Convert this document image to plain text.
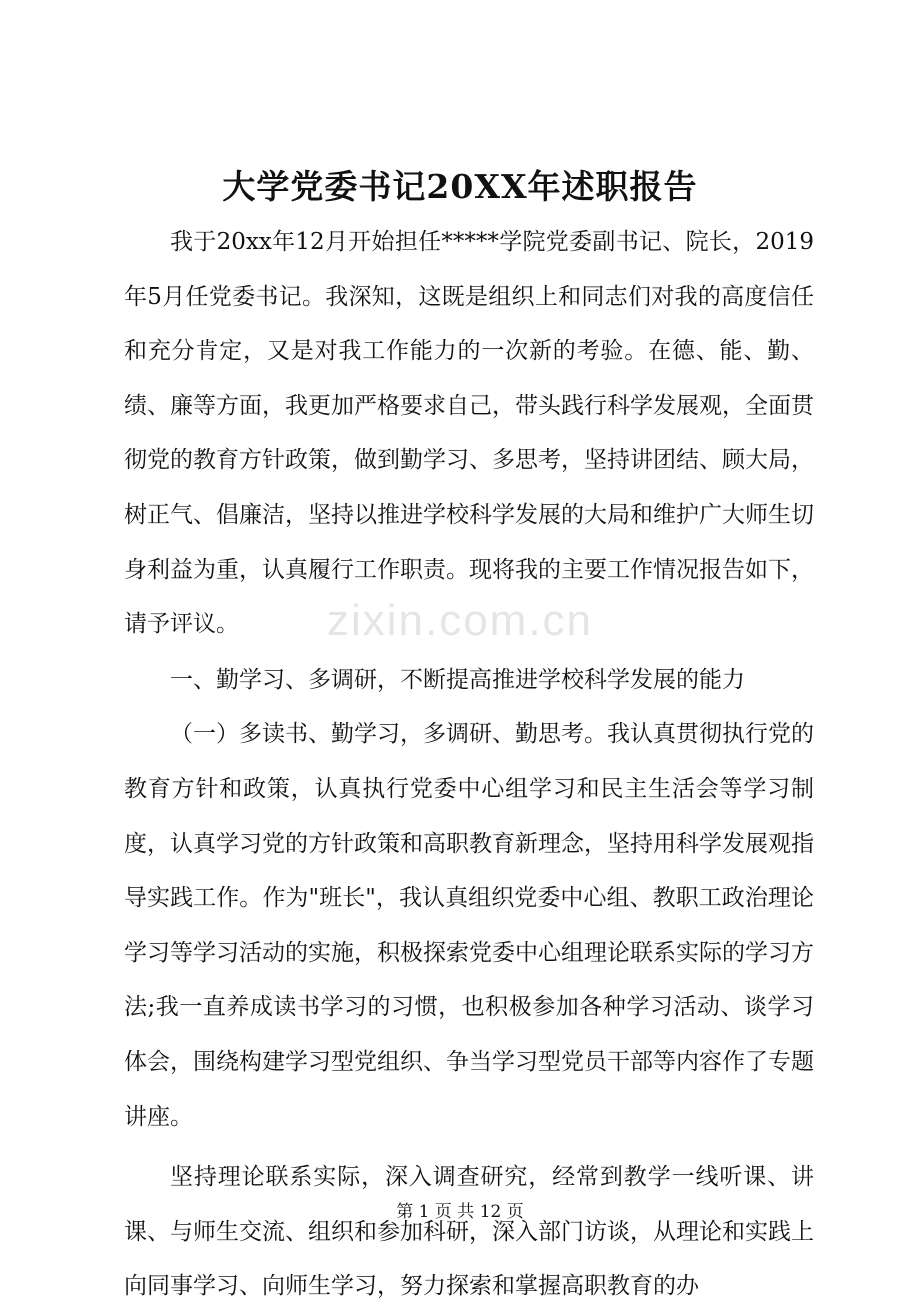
大学党委书记20XX年述职报告

我于20xx年12月开始担任*****学院党委副书记、院长，2019年5月任党委书记。我深知，这既是组织上和同志们对我的高度信任和充分肯定，又是对我工作能力的一次新的考验。在德、能、勤、绩、廉等方面，我更加严格要求自己，带头践行科学发展观，全面贯彻党的教育方针政策，做到勤学习、多思考，坚持讲团结、顾大局，树正气、倡廉洁，坚持以推进学校科学发展的大局和维护广大师生切身利益为重，认真履行工作职责。现将我的主要工作情况报告如下，请予评议。

一、勤学习、多调研，不断提高推进学校科学发展的能力

（一）多读书、勤学习，多调研、勤思考。我认真贯彻执行党的教育方针和政策，认真执行党委中心组学习和民主生活会等学习制度，认真学习党的方针政策和高职教育新理念，坚持用科学发展观指导实践工作。作为"班长"，我认真组织党委中心组、教职工政治理论学习等学习活动的实施，积极探索党委中心组理论联系实际的学习方法;我一直养成读书学习的习惯，也积极参加各种学习活动、谈学习体会，围绕构建学习型党组织、争当学习型党员干部等内容作了专题讲座。

坚持理论联系实际，深入调查研究，经常到教学一线听课、讲课、与师生交流、组织和参加科研，深入部门访谈，从理论和实践上向同事学习、向师生学习，努力探索和掌握高职教育的办

zixin.com.cn
第 1 页 共 12 页
